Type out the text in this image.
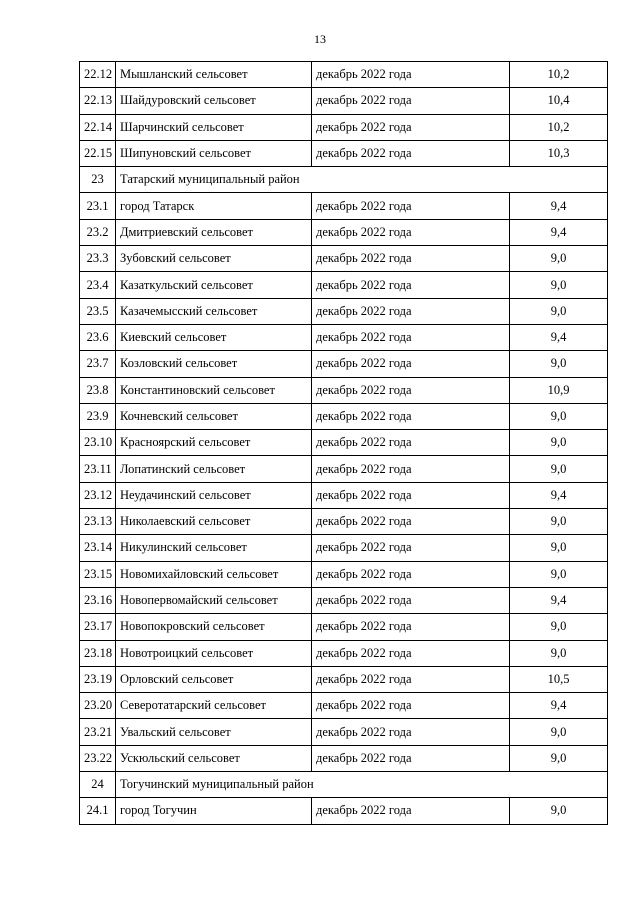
13
22.12	Мышланский сельсовет	декабрь 2022 года	10,2
22.13	Шайдуровский сельсовет	декабрь 2022 года	10,4
22.14	Шарчинский сельсовет	декабрь 2022 года	10,2
22.15	Шипуновский сельсовет	декабрь 2022 года	10,3
23	Татарский муниципальный район		
23.1	город Татарск	декабрь 2022 года	9,4
23.2	Дмитриевский сельсовет	декабрь 2022 года	9,4
23.3	Зубовский сельсовет	декабрь 2022 года	9,0
23.4	Казаткульский сельсовет	декабрь 2022 года	9,0
23.5	Казачемысский сельсовет	декабрь 2022 года	9,0
23.6	Киевский сельсовет	декабрь 2022 года	9,4
23.7	Козловский сельсовет	декабрь 2022 года	9,0
23.8	Константиновский сельсовет	декабрь 2022 года	10,9
23.9	Кочневский сельсовет	декабрь 2022 года	9,0
23.10	Красноярский сельсовет	декабрь 2022 года	9,0
23.11	Лопатинский сельсовет	декабрь 2022 года	9,0
23.12	Неудачинский сельсовет	декабрь 2022 года	9,4
23.13	Николаевский сельсовет	декабрь 2022 года	9,0
23.14	Никулинский сельсовет	декабрь 2022 года	9,0
23.15	Новомихайловский сельсовет	декабрь 2022 года	9,0
23.16	Новопервомайский сельсовет	декабрь 2022 года	9,4
23.17	Новопокровский сельсовет	декабрь 2022 года	9,0
23.18	Новотроицкий сельсовет	декабрь 2022 года	9,0
23.19	Орловский сельсовет	декабрь 2022 года	10,5
23.20	Северотатарский сельсовет	декабрь 2022 года	9,4
23.21	Увальский сельсовет	декабрь 2022 года	9,0
23.22	Ускюльский сельсовет	декабрь 2022 года	9,0
24	Тогучинский муниципальный район		
24.1	город Тогучин	декабрь 2022 года	9,0
